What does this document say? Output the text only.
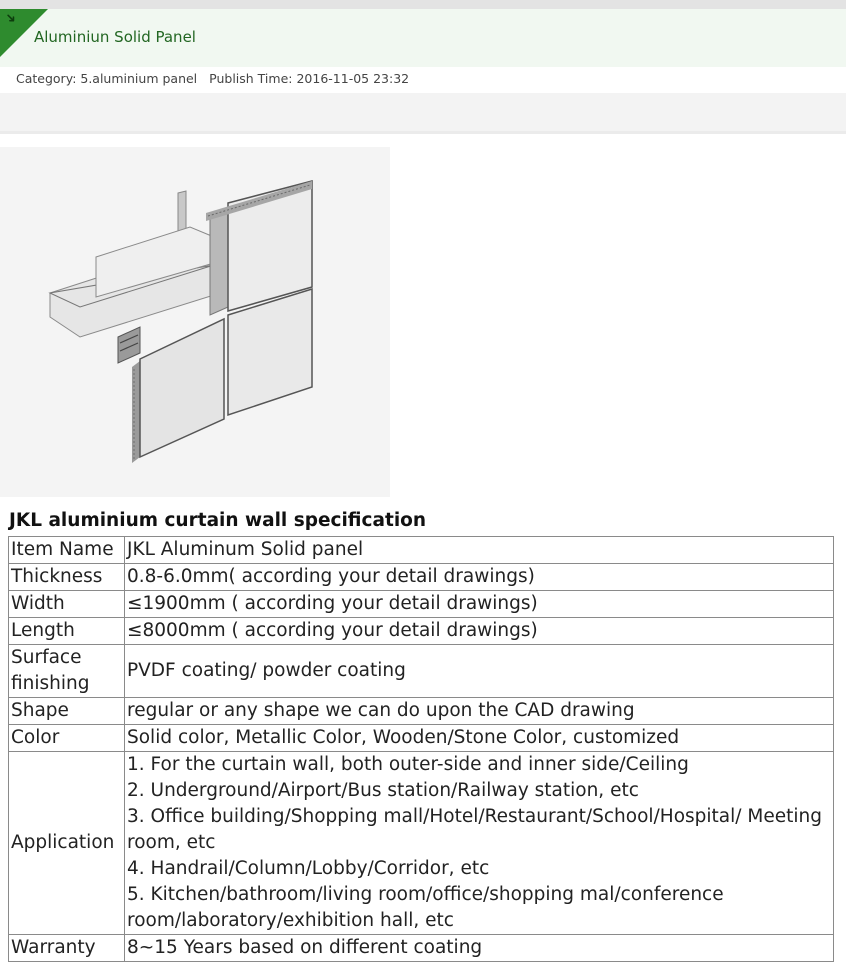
➜
Aluminiun Solid Panel
Category: 5.aluminium panel Publish Time: 2016-11-05 23:32
JKL aluminium curtain wall specification
Item Name	JKL Aluminum Solid panel
Thickness	0.8-6.0mm( according your detail drawings)
Width	≤1900mm ( according your detail drawings)
Length	≤8000mm ( according your detail drawings)
Surface finishing	PVDF coating/ powder coating
Shape	regular or any shape we can do upon the CAD drawing
Color	Solid color, Metallic Color, Wooden/Stone Color, customized
Application	1. For the curtain wall, both outer-side and inner side/Ceiling
2. Underground/Airport/Bus station/Railway station, etc
3. Office building/Shopping mall/Hotel/Restaurant/School/Hospital/ Meeting room, etc
4. Handrail/Column/Lobby/Corridor, etc
5. Kitchen/bathroom/living room/office/shopping mal/conference room/laboratory/exhibition hall, etc

Warranty	8~15 Years based on different coating
